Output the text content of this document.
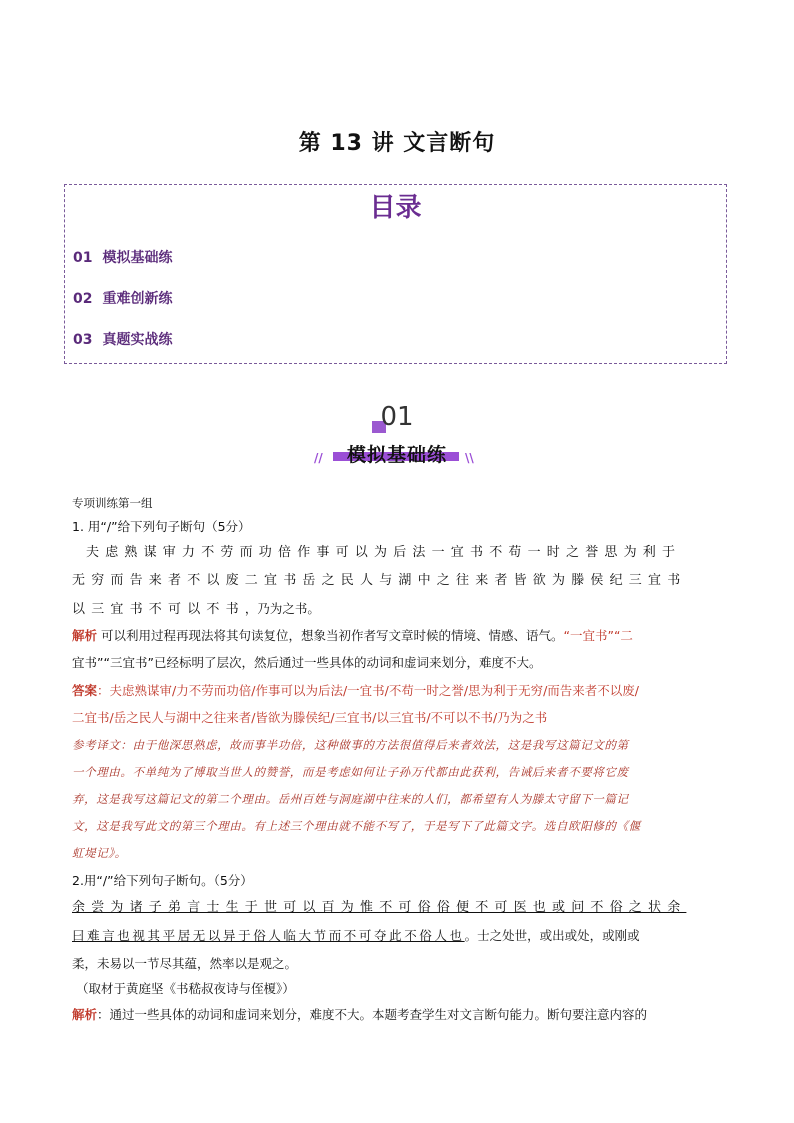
第 13 讲 文言断句
目录
01 模拟基础练
02 重难创新练
03 真题实战练
01
模拟基础练
//	\\
专项训练第一组
1. 用“/”给下列句子断句（5分）
夫虑熟谋审力不劳而功倍作事可以为后法一宜书不苟一时之誉思为利于
无穷而告来者不以废二宜书岳之民人与湖中之往来者皆欲为滕侯纪三宜书
以三宜书不可以不书，乃为之书。
解析 可以利用过程再现法将其句读复位，想象当初作者写文章时候的情境、情感、语气。“一宜书”“二
宜书”“三宜书”已经标明了层次，然后通过一些具体的动词和虚词来划分，难度不大。
答案：夫虑熟谋审/力不劳而功倍/作事可以为后法/一宜书/不苟一时之誉/思为利于无穷/而告来者不以废/
二宜书/岳之民人与湖中之往来者/皆欲为滕侯纪/三宜书/以三宜书/不可以不书/乃为之书
参考译文：由于他深思熟虑，故而事半功倍，这种做事的方法很值得后来者效法，这是我写这篇记文的第
一个理由。不单纯为了博取当世人的赞誉，而是考虑如何让子孙万代都由此获利，告诫后来者不要将它废
弃，这是我写这篇记文的第二个理由。岳州百姓与洞庭湖中往来的人们，都希望有人为滕太守留下一篇记
文，这是我写此文的第三个理由。有上述三个理由就不能不写了，于是写下了此篇文字。选自欧阳修的《偃
虹堤记》。
2.用“/”给下列句子断句。（5分）
余尝为诸子弟言士生于世可以百为惟不可俗俗便不可医也或问不俗之状余
曰难言也视其平居无以异于俗人临大节而不可夺此不俗人也。士之处世，或出或处，或刚或
柔，未易以一节尽其蕴，然率以是观之。
（取材于黄庭坚《书嵇叔夜诗与侄榎》）
解析：通过一些具体的动词和虚词来划分，难度不大。本题考查学生对文言断句能力。断句要注意内容的
